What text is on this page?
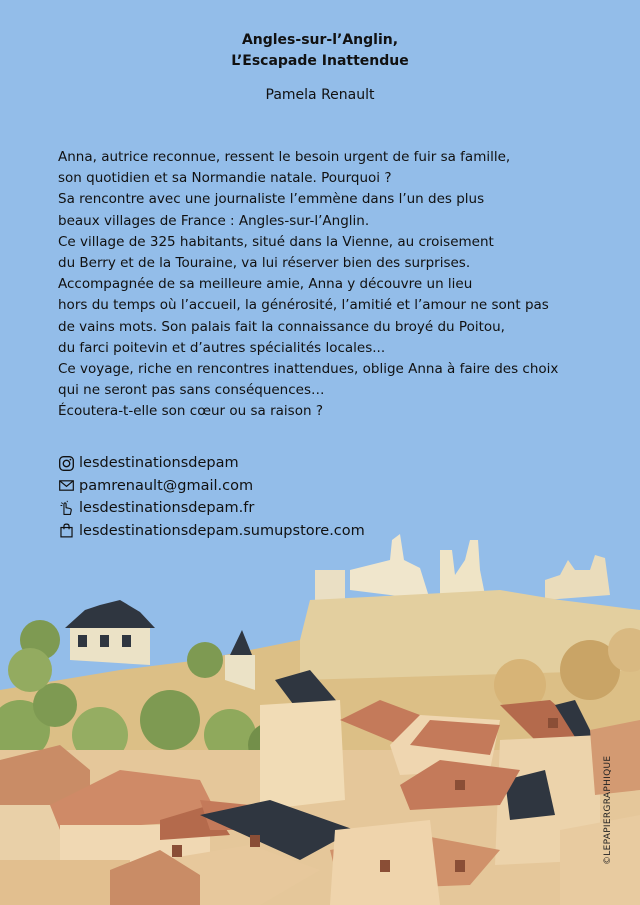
Angles-sur-l’Anglin,
L’Escapade Inattendue
Pamela Renault
Anna, autrice reconnue, ressent le besoin urgent de fuir sa famille,
son quotidien et sa Normandie natale. Pourquoi ?
Sa rencontre avec une journaliste l’emmène dans l’un des plus
beaux villages de France : Angles-sur-l’Anglin.
Ce village de 325 habitants, situé dans la Vienne, au croisement
du Berry et de la Touraine, va lui réserver bien des surprises.
Accompagnée de sa meilleure amie, Anna y découvre un lieu
hors du temps où l’accueil, la générosité, l’amitié et l’amour ne sont pas
de vains mots. Son palais fait la connaissance du broyé du Poitou,
du farci poitevin et d’autres spécialités locales...
Ce voyage, riche en rencontres inattendues, oblige Anna à faire des choix
qui ne seront pas sans conséquences…
Écoutera-t-elle son cœur ou sa raison ?
lesdestinationsdepam
pamrenault@gmail.com
lesdestinationsdepam.fr
lesdestinationsdepam.sumupstore.com
©LEPAPIERGRAPHIQUE
